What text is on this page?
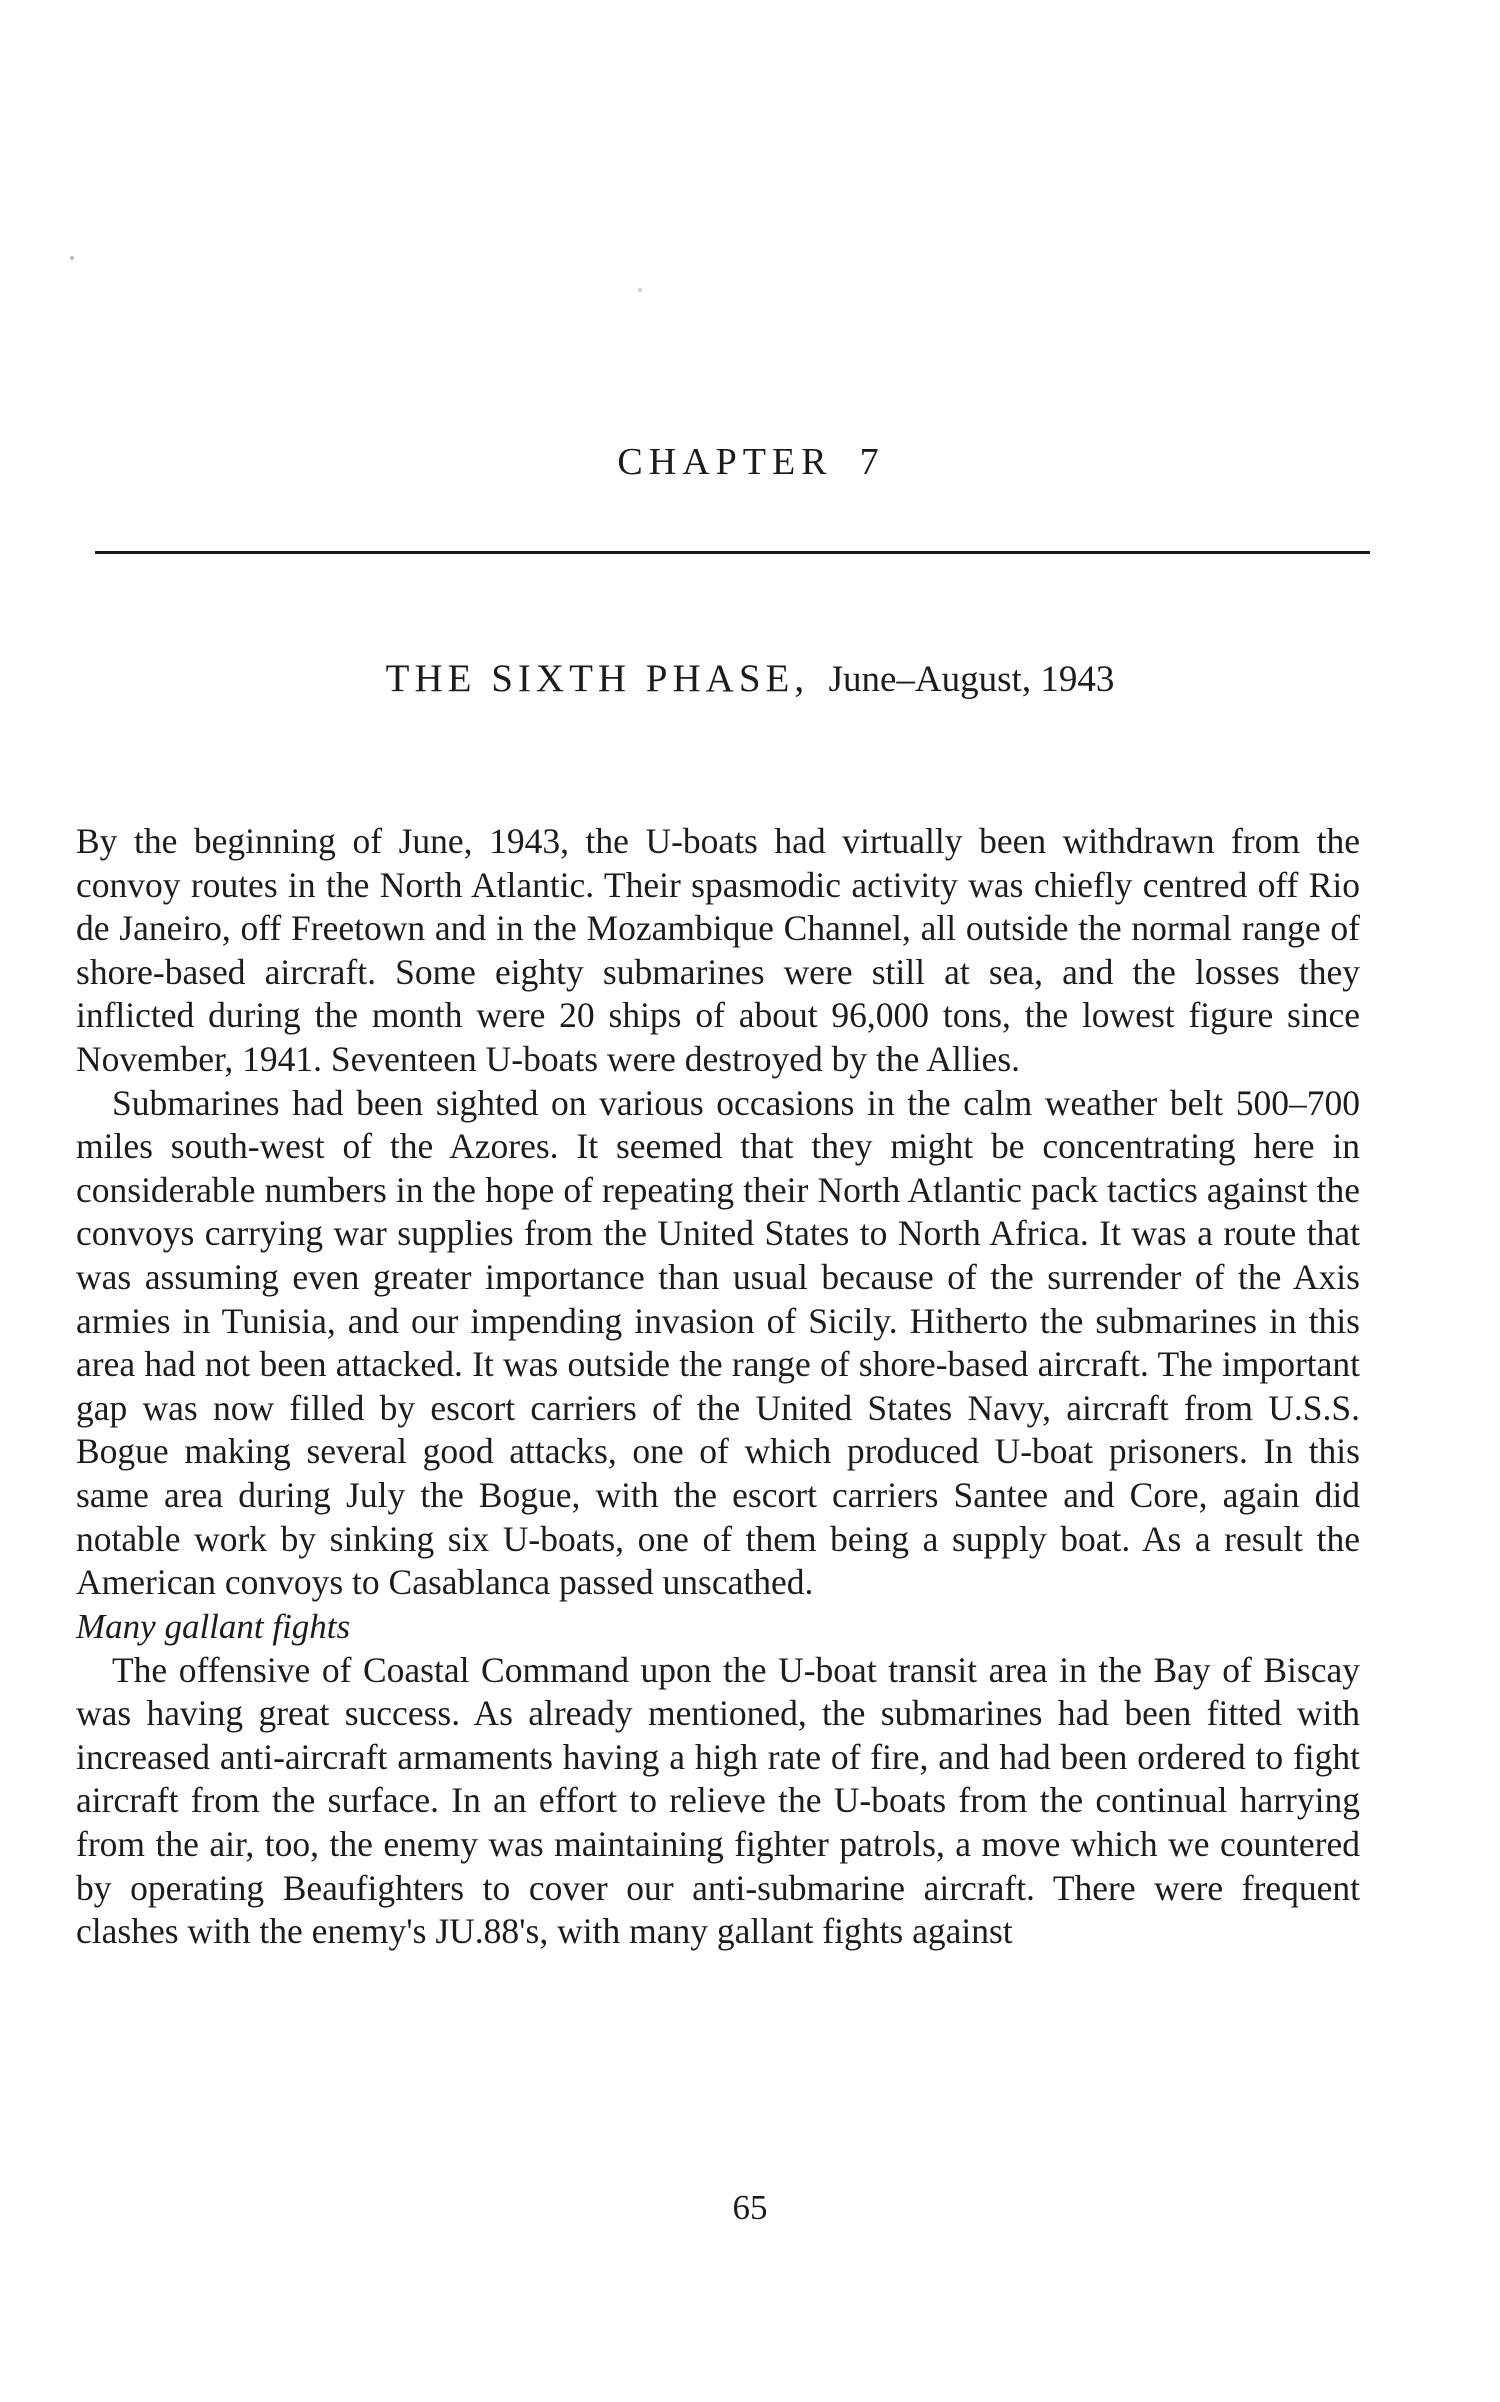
CHAPTER 7
THE SIXTH PHASE, June–August, 1943

By the beginning of June, 1943, the U-boats had virtually been withdrawn from the convoy routes in the North Atlantic. Their spasmodic activity was chiefly centred off Rio de Janeiro, off Freetown and in the Mozambique Channel, all outside the normal range of shore-based aircraft. Some eighty submarines were still at sea, and the losses they inflicted during the month were 20 ships of about 96,000 tons, the lowest figure since November, 1941. Seventeen U-boats were destroyed by the Allies.

Submarines had been sighted on various occasions in the calm weather belt 500–700 miles south-west of the Azores. It seemed that they might be concentrating here in considerable numbers in the hope of repeating their North Atlantic pack tactics against the convoys carrying war supplies from the United States to North Africa. It was a route that was assuming even greater importance than usual because of the surrender of the Axis armies in Tunisia, and our impending invasion of Sicily. Hitherto the submarines in this area had not been attacked. It was outside the range of shore-based aircraft. The important gap was now filled by escort carriers of the United States Navy, aircraft from U.S.S. Bogue making several good attacks, one of which produced U-boat prisoners. In this same area during July the Bogue, with the escort carriers Santee and Core, again did notable work by sinking six U-boats, one of them being a supply boat. As a result the American convoys to Casablanca passed unscathed.

Many gallant fights

The offensive of Coastal Command upon the U-boat transit area in the Bay of Biscay was having great success. As already mentioned, the submarines had been fitted with increased anti-aircraft armaments having a high rate of fire, and had been ordered to fight aircraft from the surface. In an effort to relieve the U-boats from the continual harrying from the air, too, the enemy was maintaining fighter patrols, a move which we countered by operating Beaufighters to cover our anti-submarine aircraft. There were frequent clashes with the enemy's JU.88's, with many gallant fights against

65
